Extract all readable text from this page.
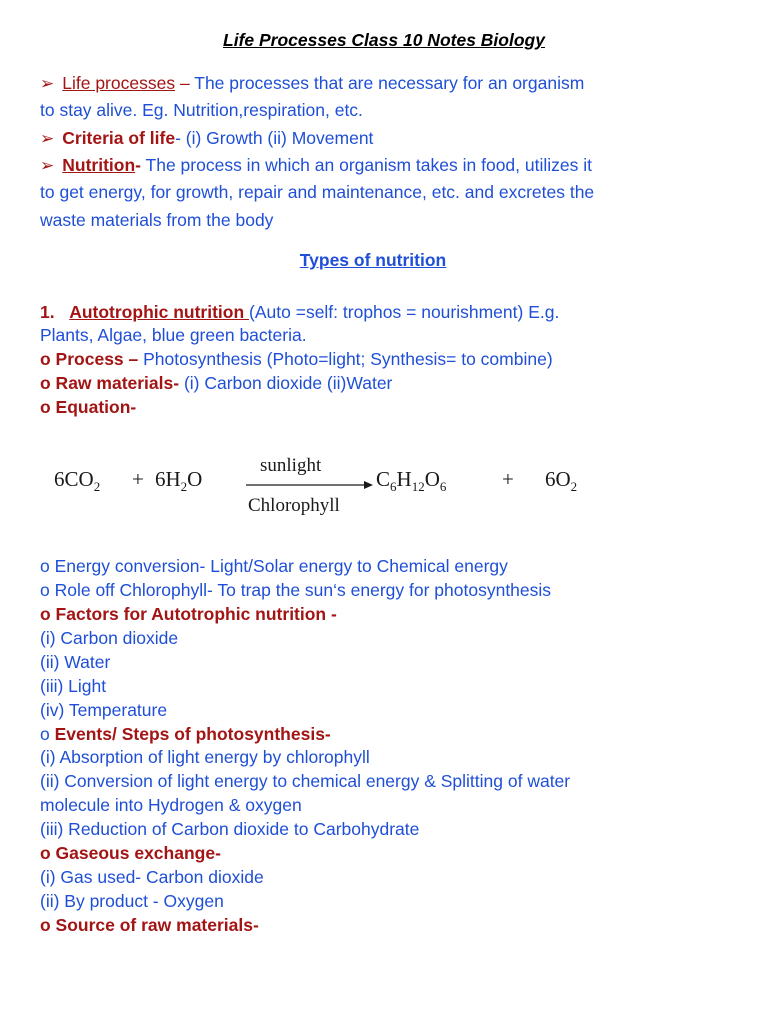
Life Processes Class 10 Notes Biology
➢ Life processes – The processes that are necessary for an organism
to stay alive. Eg. Nutrition,respiration, etc.
➢ Criteria of life- (i) Growth (ii) Movement
➢ Nutrition- The process in which an organism takes in food, utilizes it
to get energy, for growth, repair and maintenance, etc. and excretes the
waste materials from the body
Types of nutrition
1. Autotrophic nutrition (Auto =self: trophos = nourishment) E.g.
Plants, Algae, blue green bacteria.
o Process – Photosynthesis (Photo=light; Synthesis= to combine)
o Raw materials- (i) Carbon dioxide (ii)Water
o Equation-
$6CO_2 + 6H_2O$
sunlight
Chlorophyll
$C_6H_{12}O_6$	+ $6O_2$
o Energy conversion- Light/Solar energy to Chemical energy
o Role off Chlorophyll- To trap the sun‘s energy for photosynthesis
o Factors for Autotrophic nutrition -
(i) Carbon dioxide
(ii) Water
(iii) Light
(iv) Temperature
o Events/ Steps of photosynthesis-
(i) Absorption of light energy by chlorophyll
(ii) Conversion of light energy to chemical energy & Splitting of water
molecule into Hydrogen & oxygen
(iii) Reduction of Carbon dioxide to Carbohydrate
o Gaseous exchange-
(i) Gas used- Carbon dioxide
(ii) By product - Oxygen
o Source of raw materials-
